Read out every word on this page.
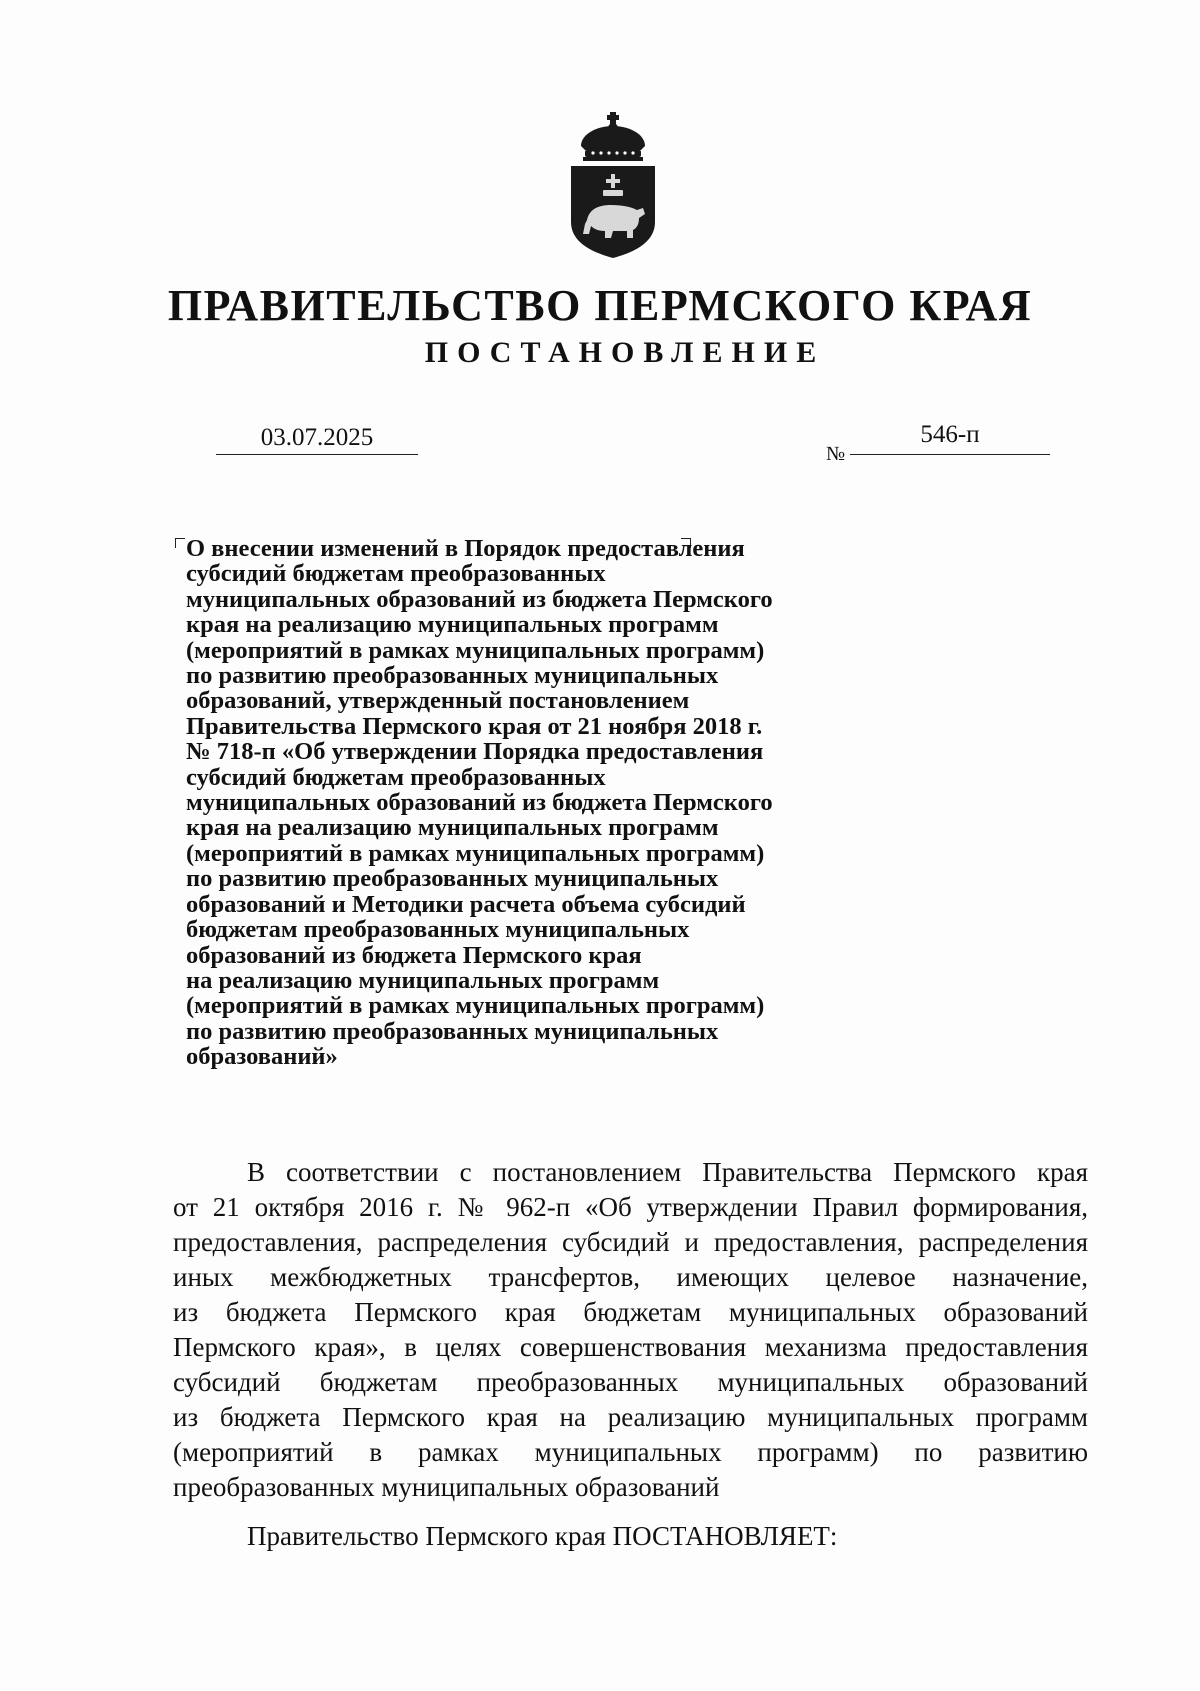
ПРАВИТЕЛЬСТВО ПЕРМСКОГО КРАЯ
ПОСТАНОВЛЕНИЕ
03.07.2025
№
546-п
О внесении изменений в Порядок предоставления
субсидий бюджетам преобразованных
муниципальных образований из бюджета Пермского
края на реализацию муниципальных программ
(мероприятий в рамках муниципальных программ)
по развитию преобразованных муниципальных
образований, утвержденный постановлением
Правительства Пермского края от 21 ноября 2018 г.
№ 718-п «Об утверждении Порядка предоставления
субсидий бюджетам преобразованных
муниципальных образований из бюджета Пермского
края на реализацию муниципальных программ
(мероприятий в рамках муниципальных программ)
по развитию преобразованных муниципальных
образований и Методики расчета объема субсидий
бюджетам преобразованных муниципальных
образований из бюджета Пермского края
на реализацию муниципальных программ
(мероприятий в рамках муниципальных программ)
по развитию преобразованных муниципальных
образований»
В соответствии с постановлением Правительства Пермского края
от 21 октября 2016 г. № 962-п «Об утверждении Правил формирования,
предоставления, распределения субсидий и предоставления, распределения
иных межбюджетных трансфертов, имеющих целевое назначение,
из бюджета Пермского края бюджетам муниципальных образований
Пермского края», в целях совершенствования механизма предоставления
субсидий бюджетам преобразованных муниципальных образований
из бюджета Пермского края на реализацию муниципальных программ
(мероприятий в рамках муниципальных программ) по развитию
преобразованных муниципальных образований
Правительство Пермского края ПОСТАНОВЛЯЕТ:
